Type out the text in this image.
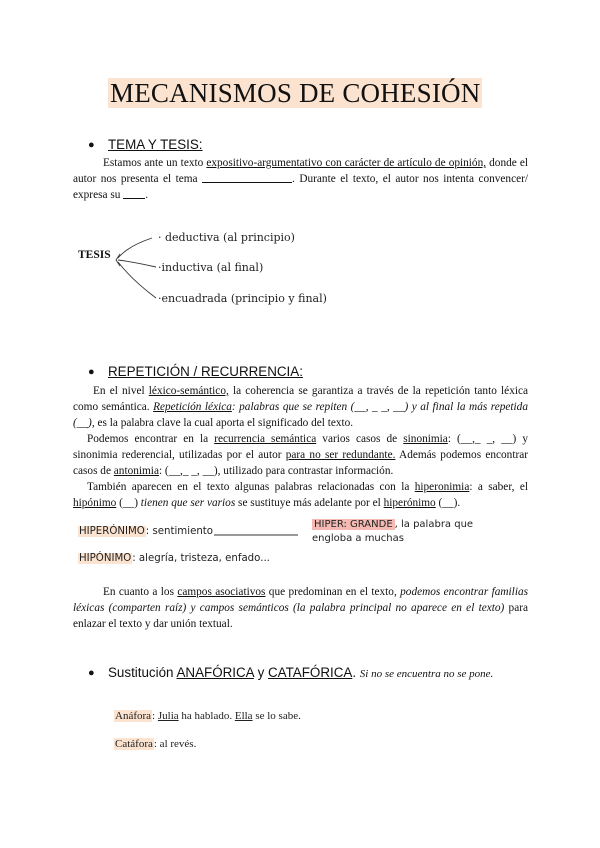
MECANISMOS DE COHESIÓN
● TEMA Y TESIS:
Estamos ante un texto expositivo-argumentativo con carácter de artículo de opinión, donde el autor nos presenta el tema	. Durante el texto, el autor nos intenta convencer/ expresa su .
TESIS
· deductiva (al principio)
·inductiva (al final)
·encuadrada (principio y final)
● REPETICIÓN / RECURRENCIA:
En el nivel léxico-semántico, la coherencia se garantiza a través de la repetición tanto léxica como semántica. Repetición léxica: palabras que se repiten (__, _ _, __) y al final la más repetida (__), es la palabra clave la cual aporta el significado del texto.
Podemos encontrar en la recurrencia semántica varios casos de sinonimia: (__,_ _, __) y sinonimia rederencial, utilizadas por el autor para no ser redundante. Además podemos encontrar casos de antonimia: (__,_ _, __), utilizado para contrastar información.
También aparecen en el texto algunas palabras relacionadas con la hiperonimia: a saber, el hipónimo (__) tienen que ser varios se sustituye más adelante por el hiperónimo (__).
HIPERÓNIMO: sentimiento
HIPÓNIMO: alegría, tristeza, enfado...
HIPER: GRANDE , la palabra que engloba a muchas
En cuanto a los campos asociativos que predominan en el texto, podemos encontrar familias léxicas (comparten raíz) y campos semánticos (la palabra principal no aparece en el texto) para enlazar el texto y dar unión textual.
● Sustitución ANAFÓRICA y CATAFÓRICA. Si no se encuentra no se pone.
Anáfora: Julia ha hablado. Ella se lo sabe.
Catáfora: al revés.
